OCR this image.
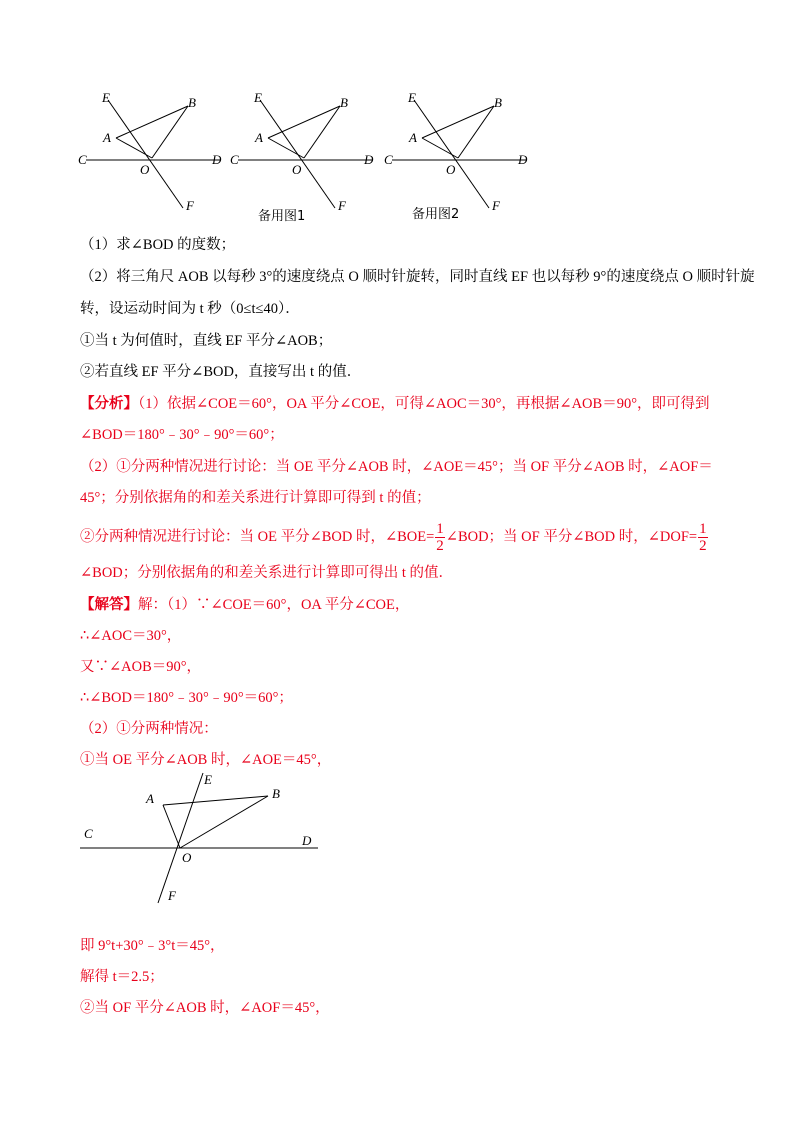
E	B
A
C
O
D
F
E	B
A
C
O
D
F
备用图1
E	B
A
C
O
D
F
备用图2
（1）求∠BOD 的度数；
（2）将三角尺 AOB 以每秒 3°的速度绕点 O 顺时针旋转，同时直线 EF 也以每秒 9°的速度绕点 O 顺时针旋
转，设运动时间为 t 秒（0≤t≤40）．
①当 t 为何值时，直线 EF 平分∠AOB；
②若直线 EF 平分∠BOD，直接写出 t 的值．
【分析】（1）依据∠COE＝60°，OA 平分∠COE，可得∠AOC＝30°，再根据∠AOB＝90°，即可得到
∠BOD＝180°﹣30°﹣90°＝60°；
（2）①分两种情况进行讨论：当 OE 平分∠AOB 时，∠AOE＝45°；当 OF 平分∠AOB 时，∠AOF＝
45°；分别依据角的和差关系进行计算即可得到 t 的值；
②分两种情况进行讨论：当 OE 平分∠BOD 时，∠BOE= $\frac{1}{2}$ ∠BOD；当 OF 平分∠BOD 时，∠DOF= $\frac{1}{2}$
∠BOD；分别依据角的和差关系进行计算即可得出 t 的值．
【解答】解：（1）∵∠COE＝60°，OA 平分∠COE，
∴∠AOC＝30°，
又∵∠AOB＝90°，
∴∠BOD＝180°﹣30°﹣90°＝60°；
（2）①分两种情况：
①当 OE 平分∠AOB 时，∠AOE＝45°，
E
B
A
C
O
D
F
即 9°t+30°﹣3°t＝45°，
解得 t＝2.5；
②当 OF 平分∠AOB 时，∠AOF＝45°，
